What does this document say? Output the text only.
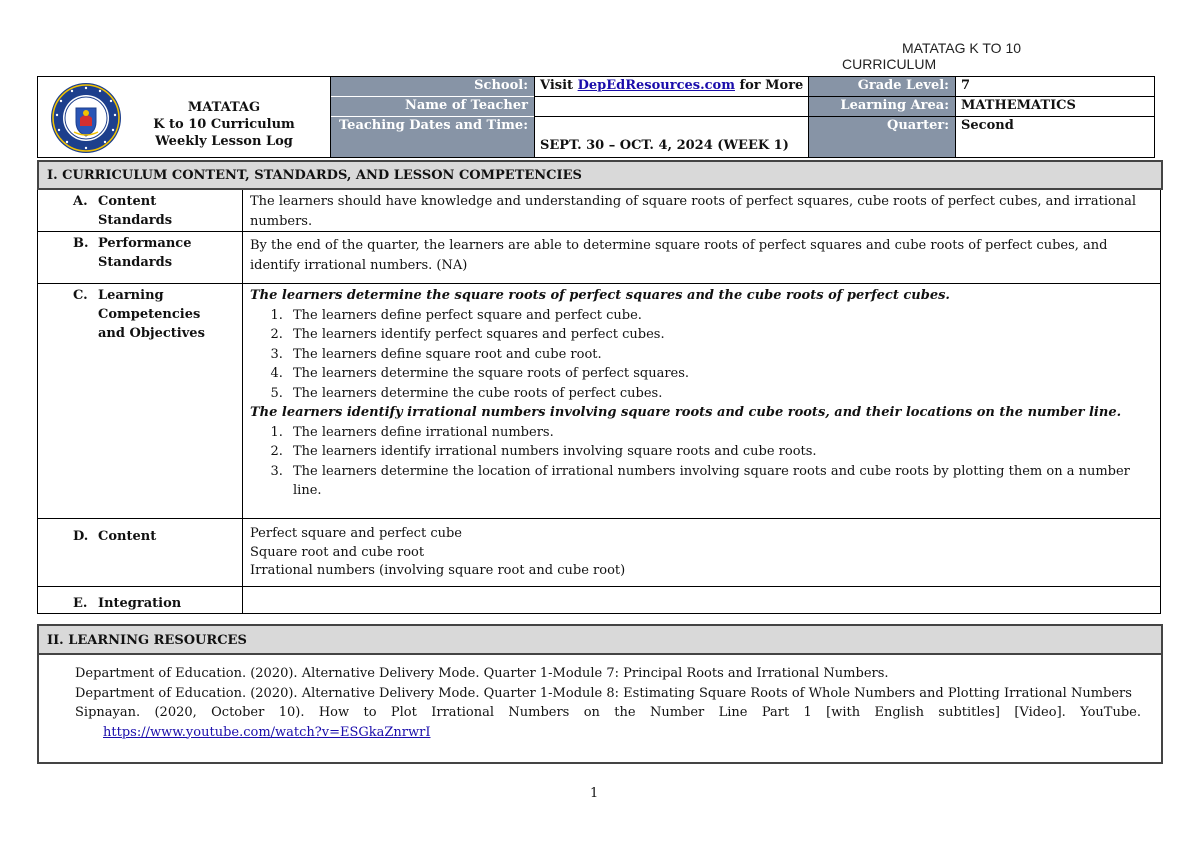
MATATAG K TO 10
CURRICULUM
MATATAG
K to 10 Curriculum
Weekly Lesson Log
School:
Name of Teacher
Teaching Dates and Time:
Visit DepEdResources.com for More
SEPT. 30 – OCT. 4, 2024 (WEEK 1)
Grade Level:
Learning Area:
Quarter:
7
MATHEMATICS
Second
I. CURRICULUM CONTENT, STANDARDS, AND LESSON COMPETENCIES
A. Content
Standards
The learners should have knowledge and understanding of square roots of perfect squares, cube roots of perfect cubes, and irrational numbers.
B. Performance
Standards
By the end of the quarter, the learners are able to determine square roots of perfect squares and cube roots of perfect cubes, and identify irrational numbers. (NA)
C. Learning
Competencies
and Objectives
The learners determine the square roots of perfect squares and the cube roots of perfect cubes.
1. The learners define perfect square and perfect cube.
2. The learners identify perfect squares and perfect cubes.
3. The learners define square root and cube root.
4. The learners determine the square roots of perfect squares.
5. The learners determine the cube roots of perfect cubes.
The learners identify irrational numbers involving square roots and cube roots, and their locations on the number line.
1. The learners define irrational numbers.
2. The learners identify irrational numbers involving square roots and cube roots.
3. The learners determine the location of irrational numbers involving square roots and cube roots by plotting them on a number line.
D. Content	Perfect square and perfect cube
Square root and cube root
Irrational numbers (involving square root and cube root)
E. Integration
II. LEARNING RESOURCES
Department of Education. (2020). Alternative Delivery Mode. Quarter 1-Module 7: Principal Roots and Irrational Numbers.
Department of Education. (2020). Alternative Delivery Mode. Quarter 1-Module 8: Estimating Square Roots of Whole Numbers and Plotting Irrational Numbers
Sipnayan. (2020, October 10). How to Plot Irrational Numbers on the Number Line Part 1 [with English subtitles] [Video]. YouTube. https://www.youtube.com/watch?v=ESGkaZnrwrI
1
